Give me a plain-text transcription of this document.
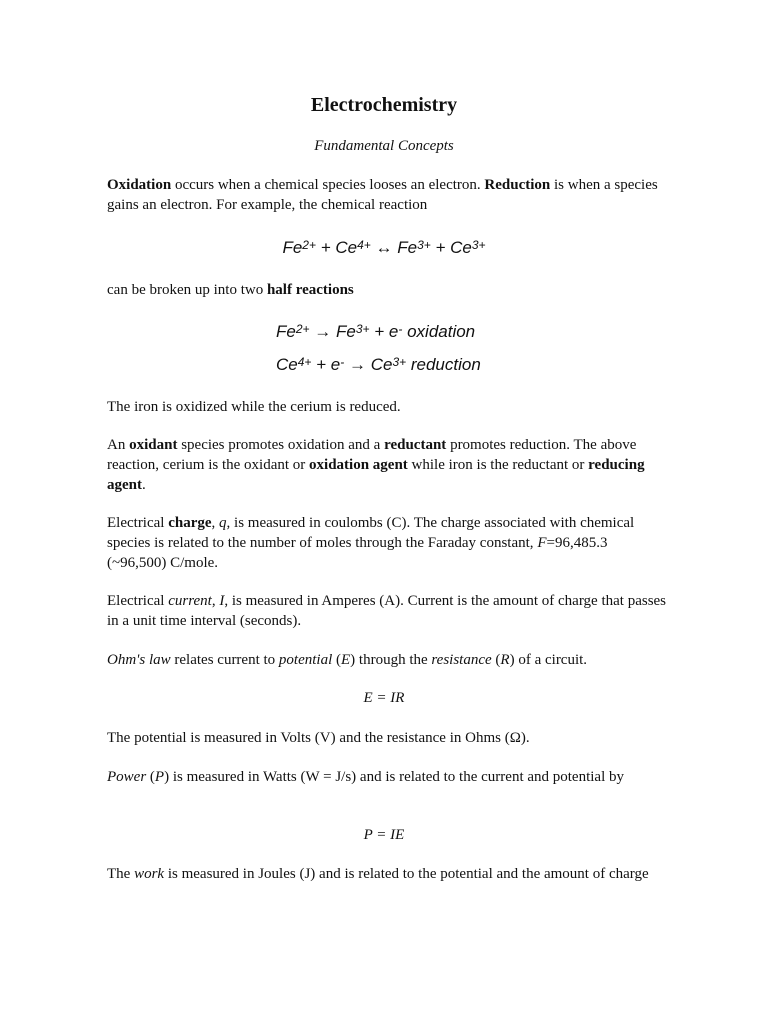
Electrochemistry
Fundamental Concepts

Oxidation occurs when a chemical species looses an electron. Reduction is when a species gains an electron. For example, the chemical reaction

$Fe^{2+} + Ce^{4+}$ ↔ $Fe^{3+} + Ce^{3+}$

can be broken up into two half reactions

$Fe^{2+} \to Fe^{3+} + e^-$ oxidation
$Ce^{4+} + e^- \to Ce^{3+}$ reduction

The iron is oxidized while the cerium is reduced.

An oxidant species promotes oxidation and a reductant promotes reduction. The above reaction, cerium is the oxidant or oxidation agent while iron is the reductant or reducing agent.

Electrical charge, q, is measured in coulombs (C). The charge associated with chemical species is related to the number of moles through the Faraday constant, F=96,485.3 (~96,500) C/mole.

Electrical current, I, is measured in Amperes (A). Current is the amount of charge that passes in a unit time interval (seconds).

Ohm's law relates current to potential (E) through the resistance (R) of a circuit.

E = IR

The potential is measured in Volts (V) and the resistance in Ohms (Ω).

Power (P) is measured in Watts (W = J/s) and is related to the current and potential by

P = IE

The work is measured in Joules (J) and is related to the potential and the amount of charge
